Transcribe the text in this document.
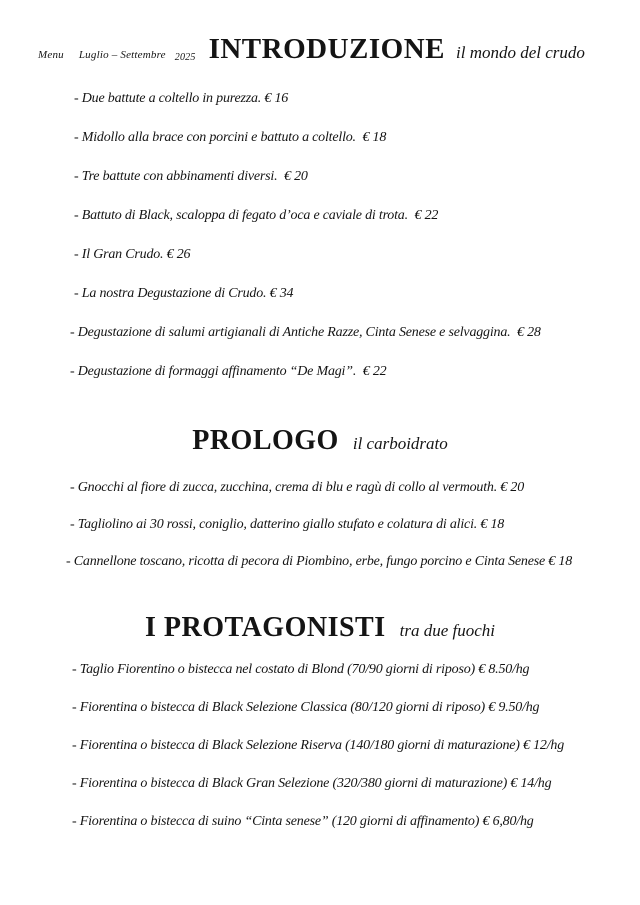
Menu Luglio – Settembre 2025 INTRODUZIONE il mondo del crudo
- Due battute a coltello in purezza. € 16
- Midollo alla brace con porcini e battuto a coltello.  € 18
- Tre battute con abbinamenti diversi.  € 20
- Battuto di Black, scaloppa di fegato d’oca e caviale di trota.  € 22
- Il Gran Crudo. € 26
- La nostra Degustazione di Crudo. € 34
- Degustazione di salumi artigianali di Antiche Razze, Cinta Senese e selvaggina.  € 28
- Degustazione di formaggi affinamento “De Magi”.  € 22
PROLOGO il carboidrato
- Gnocchi al fiore di zucca, zucchina, crema di blu e ragù di collo al vermouth. € 20
- Tagliolino ai 30 rossi, coniglio, datterino giallo stufato e colatura di alici. € 18
- Cannellone toscano, ricotta di pecora di Piombino, erbe, fungo porcino e Cinta Senese € 18
I PROTAGONISTI tra due fuochi
- Taglio Fiorentino o bistecca nel costato di Blond (70/90 giorni di riposo) € 8.50/hg
- Fiorentina o bistecca di Black Selezione Classica (80/120 giorni di riposo) € 9.50/hg
- Fiorentina o bistecca di Black Selezione Riserva (140/180 giorni di maturazione) € 12/hg
- Fiorentina o bistecca di Black Gran Selezione (320/380 giorni di maturazione) € 14/hg
- Fiorentina o bistecca di suino “Cinta senese” (120 giorni di affinamento) € 6,80/hg
